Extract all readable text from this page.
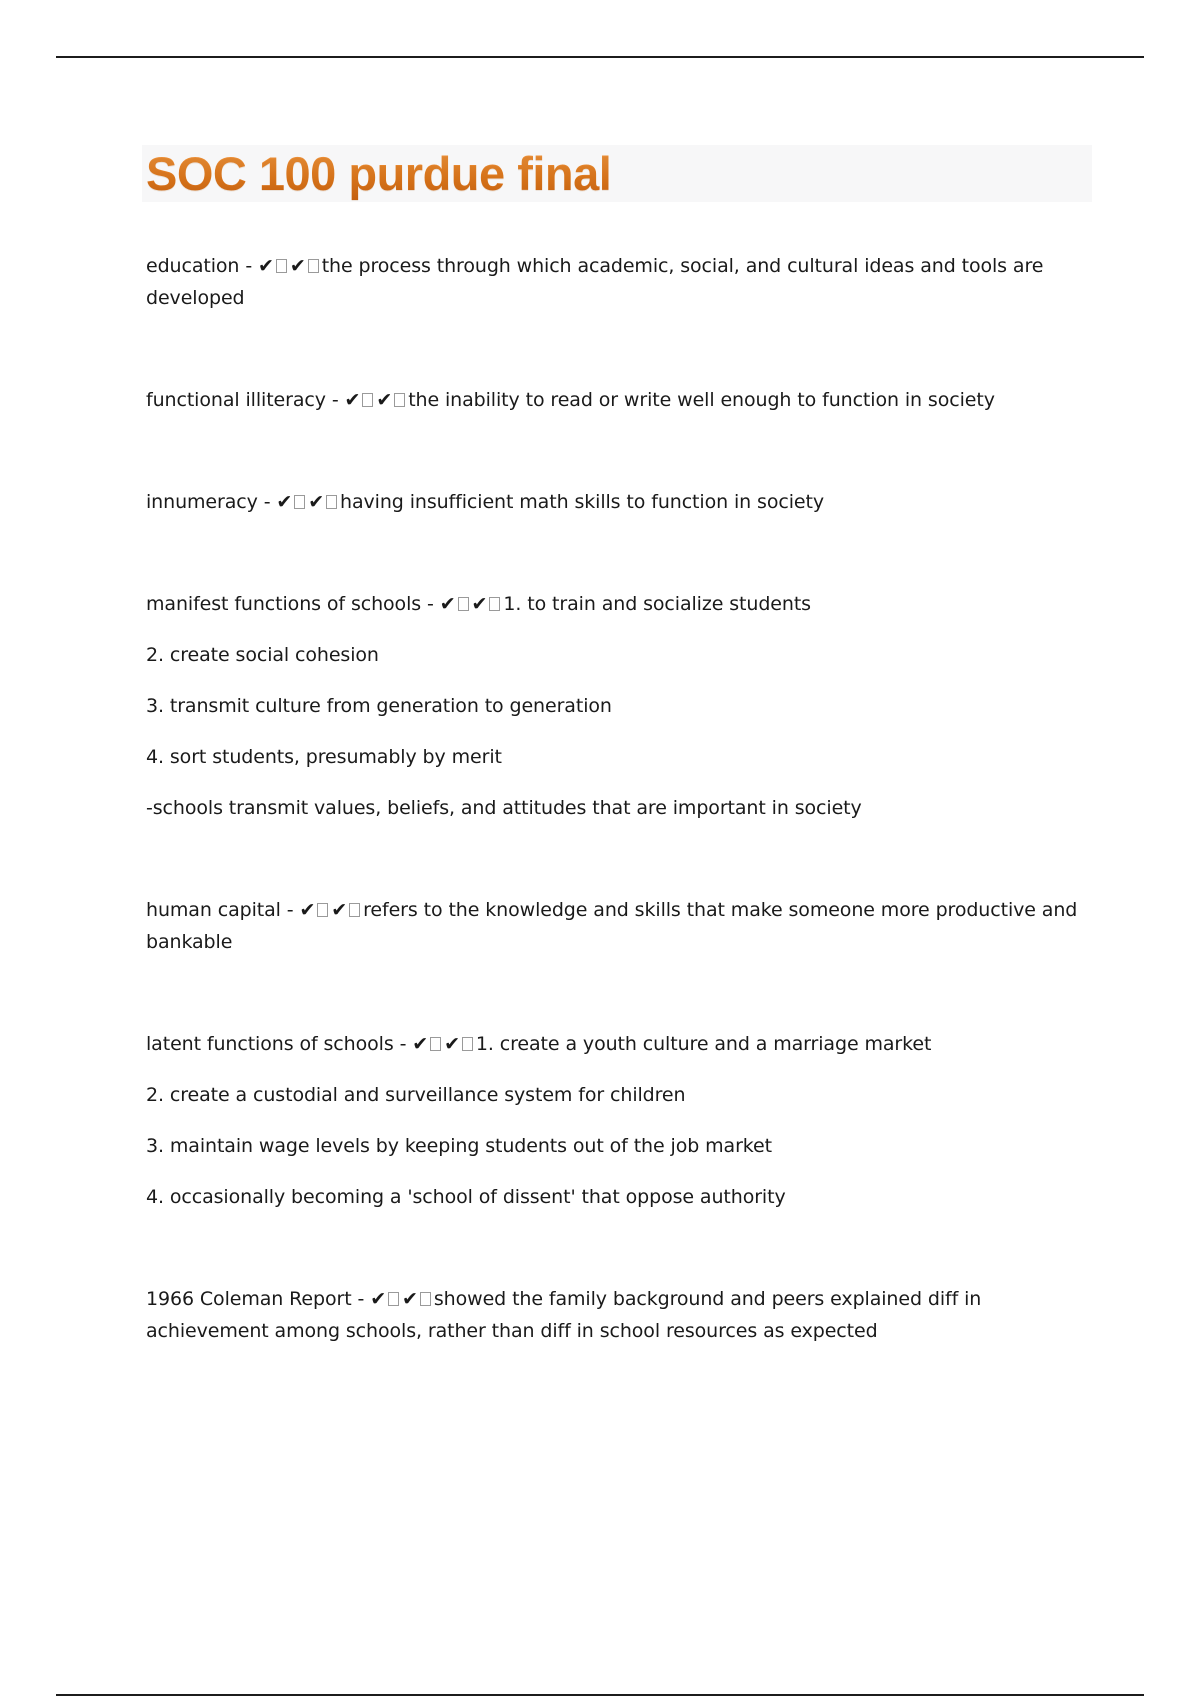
SOC 100 purdue final

education - ✔ ✔ the process through which academic, social, and cultural ideas and tools are developed

functional illiteracy - ✔ ✔ the inability to read or write well enough to function in society

innumeracy - ✔ ✔ having insufficient math skills to function in society

manifest functions of schools - ✔ ✔ 1. to train and socialize students

2. create social cohesion

3. transmit culture from generation to generation

4. sort students, presumably by merit

-schools transmit values, beliefs, and attitudes that are important in society

human capital - ✔ ✔ refers to the knowledge and skills that make someone more productive and bankable

latent functions of schools - ✔ ✔ 1. create a youth culture and a marriage market

2. create a custodial and surveillance system for children

3. maintain wage levels by keeping students out of the job market

4. occasionally becoming a 'school of dissent' that oppose authority

1966 Coleman Report - ✔ ✔ showed the family background and peers explained diff in achievement among schools, rather than diff in school resources as expected
